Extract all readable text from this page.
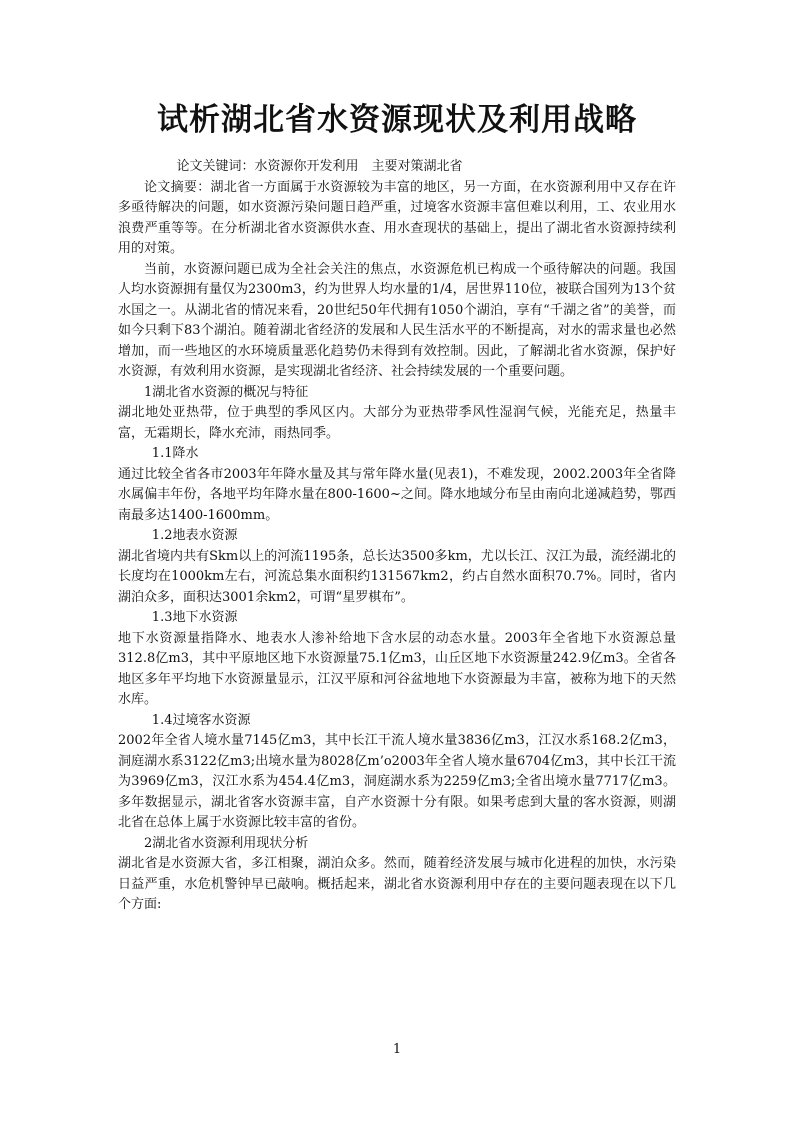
试析湖北省水资源现状及利用战略

论文关键词：水资源你开发利用　主要对策湖北省

论文摘要：湖北省一方面属于水资源较为丰富的地区，另一方面，在水资源利用中又存在许多亟待解决的问题，如水资源污染问题日趋严重，过境客水资源丰富但难以利用，工、农业用水浪费严重等等。在分析湖北省水资源供水查、用水查现状的基础上，提出了湖北省水资源持续利用的对策。

当前，水资源问题已成为全社会关注的焦点，水资源危机已构成一个亟待解决的问题。我国人均水资源拥有量仅为2300m3，约为世界人均水量的1/4，居世界110位，被联合国列为13个贫水国之一。从湖北省的情况来看，20世纪50年代拥有1050个湖泊，享有“千湖之省”的美誉，而如今只剩下83个湖泊。随着湖北省经济的发展和人民生活水平的不断提高，对水的需求量也必然增加，而一些地区的水环境质量恶化趋势仍未得到有效控制。因此，了解湖北省水资源，保护好水资源，有效利用水资源，是实现湖北省经济、社会持续发展的一个重要问题。

1湖北省水资源的概况与特征

湖北地处亚热带，位于典型的季风区内。大部分为亚热带季风性湿润气候，光能充足，热量丰富，无霜期长，降水充沛，雨热同季。

1.1降水

通过比较全省各市2003年年降水量及其与常年降水量(见表1)，不难发现，2002.2003年全省降水属偏丰年份，各地平均年降水量在800-1600~之间。降水地域分布呈由南向北递减趋势，鄂西南最多达1400-1600mm。

1.2地表水资源

湖北省境内共有Skm以上的河流1195条，总长达3500多km，尤以长江、汉江为最，流经湖北的长度均在1000km左右，河流总集水面积约131567km2，约占自然水面积70.7%。同时，省内湖泊众多，面积达3001余km2，可谓“星罗棋布”。

1.3地下水资源

地下水资源量指降水、地表水人渗补给地下含水层的动态水量。2003年全省地下水资源总量312.8亿m3，其中平原地区地下水资源量75.1亿m3，山丘区地下水资源量242.9亿m3。全省各地区多年平均地下水资源量显示，江汉平原和河谷盆地地下水资源最为丰富，被称为地下的天然水库。

1.4过境客水资源

2002年全省人境水量7145亿m3，其中长江干流人境水量3836亿m3，江汉水系168.2亿m3，洞庭湖水系3122亿m3;出境水量为8028亿m’o2003年全省人境水量6704亿m3，其中长江干流为3969亿m3，汉江水系为454.4亿m3，洞庭湖水系为2259亿m3;全省出境水量7717亿m3。多年数据显示，湖北省客水资源丰富，自产水资源十分有限。如果考虑到大量的客水资源，则湖北省在总体上属于水资源比较丰富的省份。

2湖北省水资源利用现状分析

湖北省是水资源大省，多江相聚，湖泊众多。然而，随着经济发展与城市化进程的加快，水污染日益严重，水危机警钟早已敲响。概括起来，湖北省水资源利用中存在的主要问题表现在以下几个方面:

1
